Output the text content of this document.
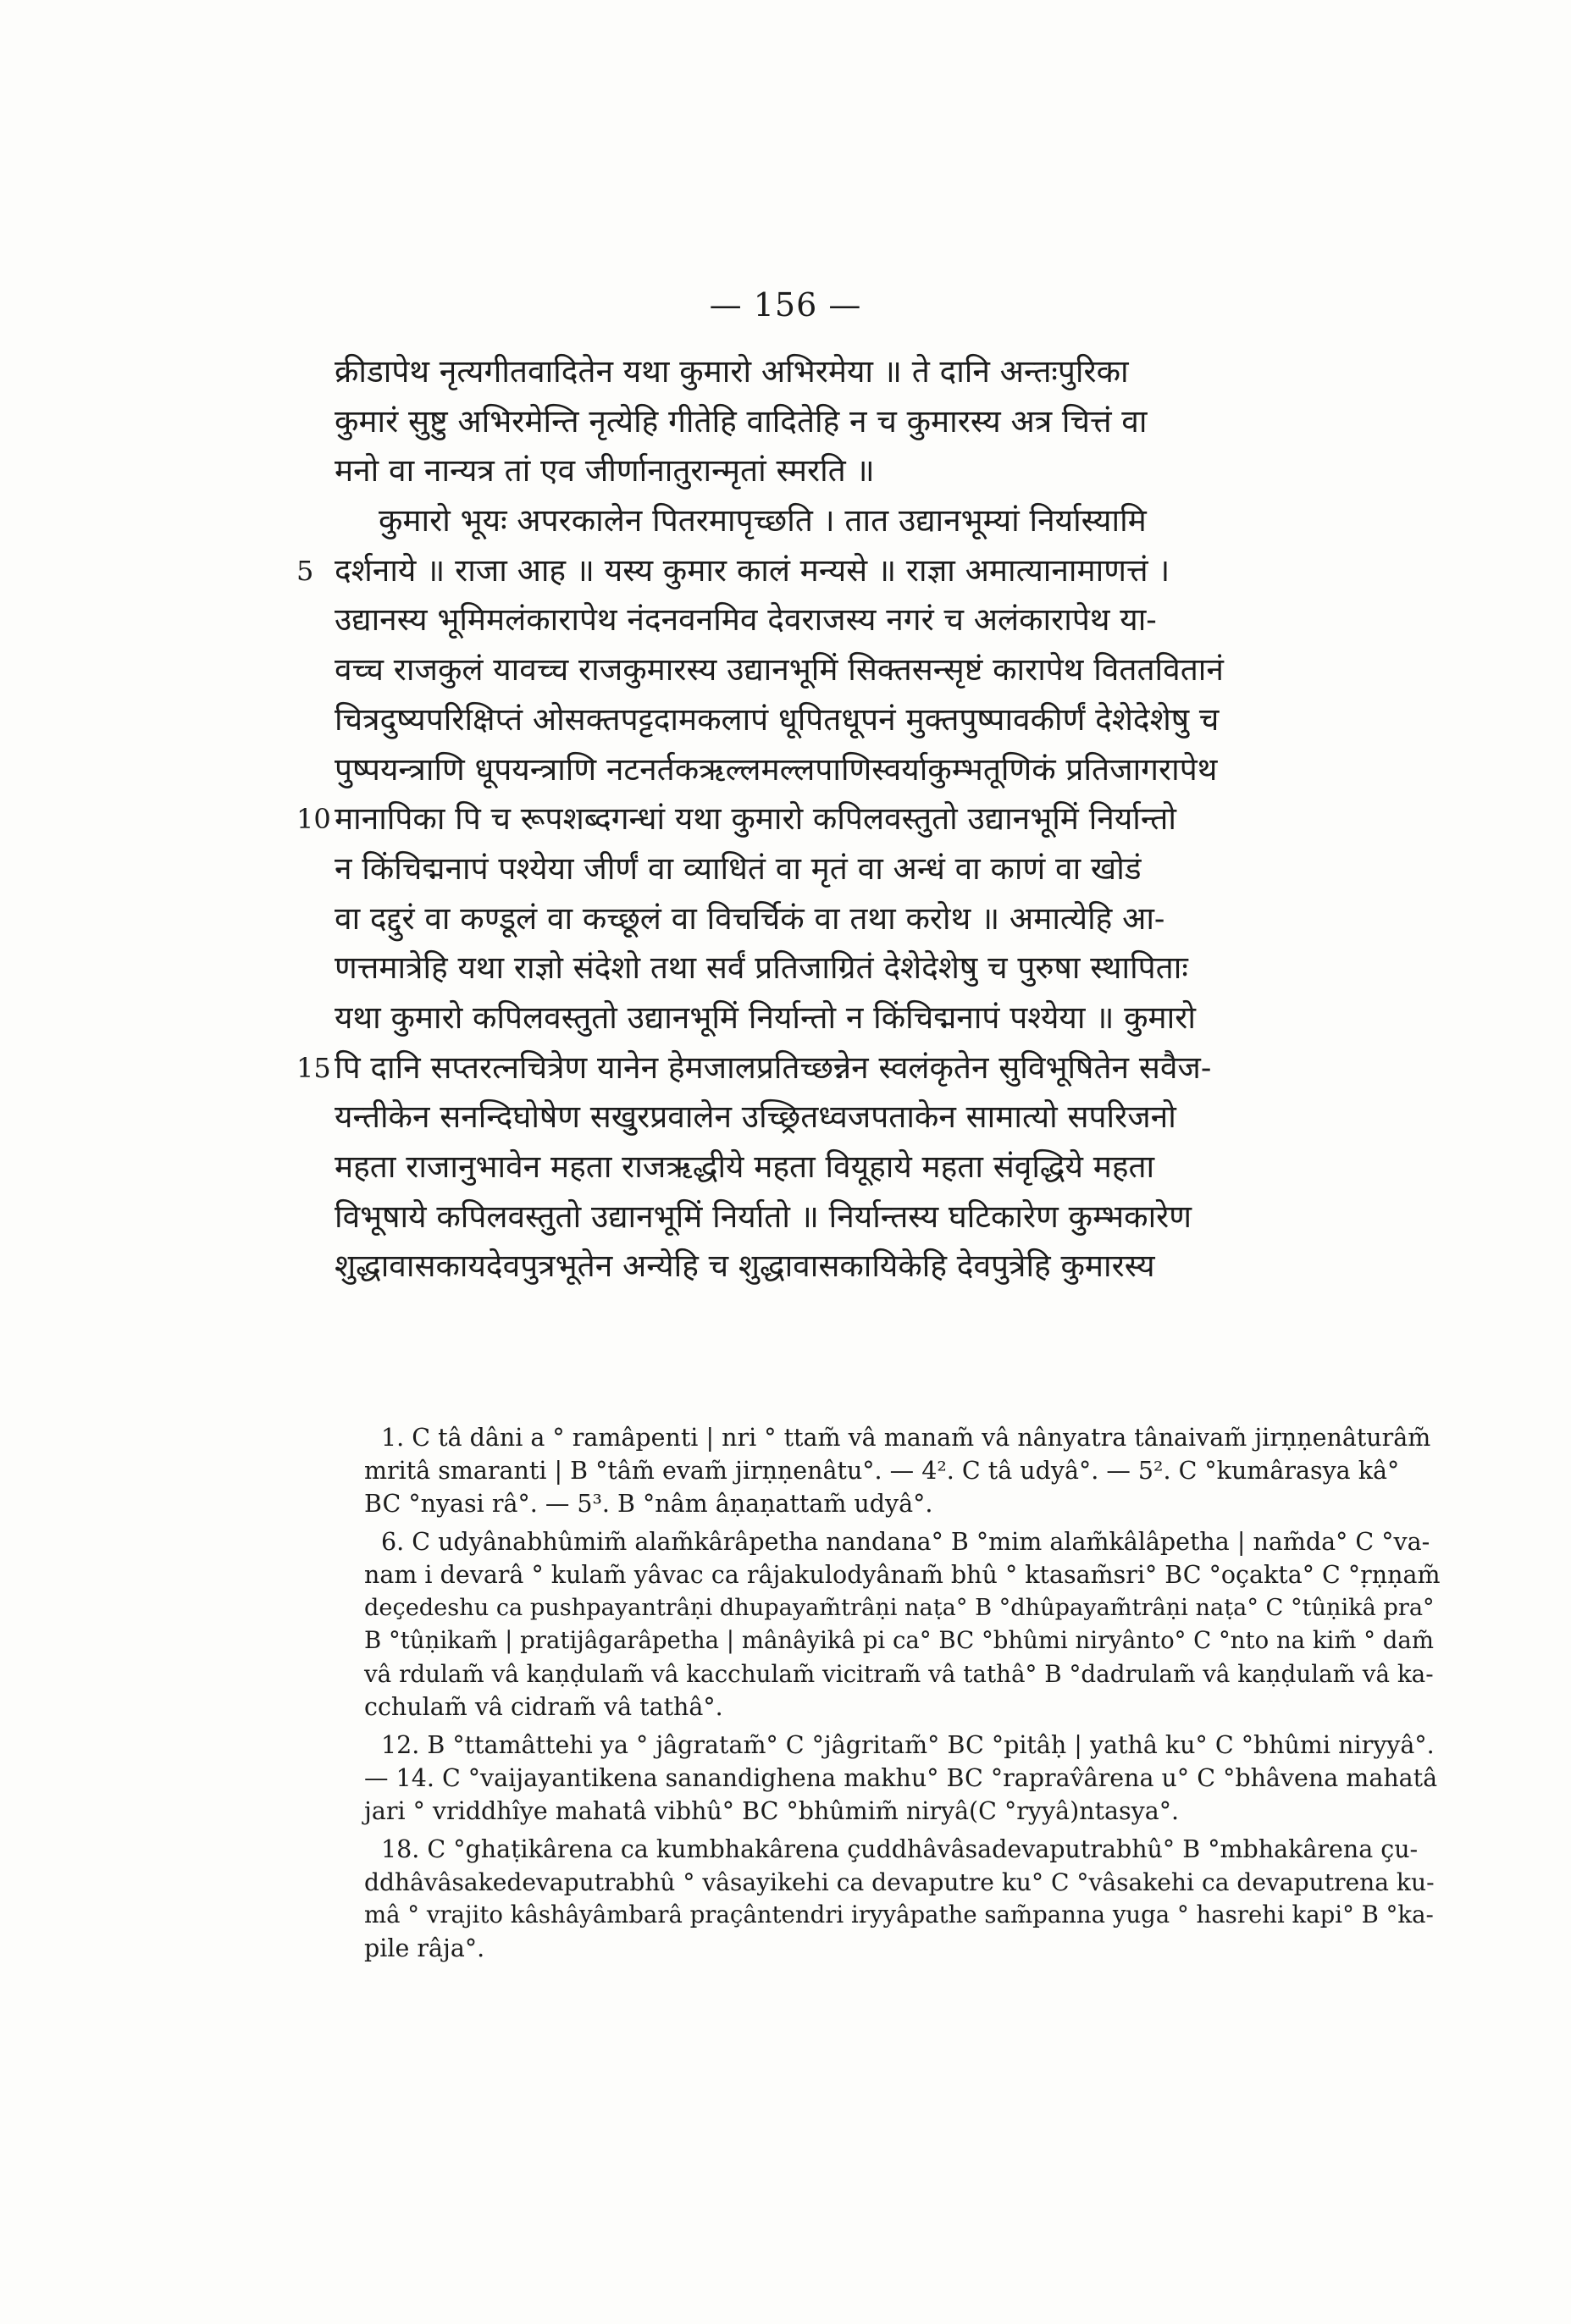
— 156 —
क्रीडापेथ नृत्यगीतवादितेन यथा कुमारो अभिरमेया ॥ ते दानि अन्तःपुरिका
कुमारं सुष्टु अभिरमेन्ति नृत्येहि गीतेहि वादितेहि न च कुमारस्य अत्र चित्तं वा
मनो वा नान्यत्र तां एव जीर्णानातुरान्मृतां स्मरति ॥
कुमारो भूयः अपरकालेन पितरमापृच्छति । तात उद्यानभूम्यां निर्यास्यामि
5 दर्शनाये ॥ राजा आह ॥ यस्य कुमार कालं मन्यसे ॥ राज्ञा अमात्यानामाणत्तं ।
उद्यानस्य भूमिमलंकारापेथ नंदनवनमिव देवराजस्य नगरं च अलंकारापेथ या-
वच्च राजकुलं यावच्च राजकुमारस्य उद्यानभूमिं सिक्तसन्सृष्टं कारापेथ विततवितानं
चित्रदुष्यपरिक्षिप्तं ओसक्तपट्टदामकलापं धूपितधूपनं मुक्तपुष्पावकीर्णं देशेदेशेषु च
पुष्पयन्त्राणि धूपयन्त्राणि नटनर्तकऋल्लमल्लपाणिस्वर्याकुम्भतूणिकं प्रतिजागरापेथ
10 मानापिका पि च रूपशब्दगन्धां यथा कुमारो कपिलवस्तुतो उद्यानभूमिं निर्यान्तो
न किंचिद्मनापं पश्येया जीर्णं वा व्याधितं वा मृतं वा अन्धं वा काणं वा खोडं
वा दद्दुरं वा कण्डूलं वा कच्छूलं वा विचर्चिकं वा तथा करोथ ॥ अमात्येहि आ-
णत्तमात्रेहि यथा राज्ञो संदेशो तथा सर्वं प्रतिजाग्रितं देशेदेशेषु च पुरुषा स्थापिताः
यथा कुमारो कपिलवस्तुतो उद्यानभूमिं निर्यान्तो न किंचिद्मनापं पश्येया ॥ कुमारो
15 पि दानि सप्तरत्नचित्रेण यानेन हेमजालप्रतिच्छन्नेन स्वलंकृतेन सुविभूषितेन सवैज-
यन्तीकेन सनन्दिघोषेण सखुरप्रवालेन उच्छ्रितध्वजपताकेन सामात्यो सपरिजनो
महता राजानुभावेन महता राजऋद्धीये महता वियूहाये महता संवृद्धिये महता
विभूषाये कपिलवस्तुतो उद्यानभूमिं निर्यातो ॥ निर्यान्तस्य घटिकारेण कुम्भकारेण
शुद्धावासकायदेवपुत्रभूतेन अन्येहि च शुद्धावासकायिकेहि देवपुत्रेहि कुमारस्य
1. C tâ dâni a ° ramâpenti | nri ° ttam̃ vâ manam̃ vâ nânyatra tânaivam̃ jirṇṇenâturâm̃
mritâ smaranti | B °tâm̃ evam̃ jirṇṇenâtu°. — 4². C tâ udyâ°. — 5². C °kumârasya kâ°
BC °nyasi râ°. — 5³. B °nâm âṇaṇattam̃ udyâ°.
6. C udyânabhûmim̃ alam̃kârâpetha nandana° B °mim alam̃kâlâpetha | nam̃da° C °va-
nam i devarâ ° kulam̃ yâvac ca râjakulodyânam̃ bhû ° ktasam̃sri° BC °oçakta° C °ṛṇṇam̃
deçedeshu ca pushpayantrâṇi dhupayam̃trâṇi naṭa° B °dhûpayam̃trâṇi naṭa° C °tûṇikâ pra°
B °tûṇikam̃ | pratijâgarâpetha | mânâyikâ pi ca° BC °bhûmi niryânto° C °nto na kim̃ ° dam̃
vâ rdulam̃ vâ kaṇḍulam̃ vâ kacchulam̃ vicitram̃ vâ tathâ° B °dadrulam̃ vâ kaṇḍulam̃ vâ ka-
cchulam̃ vâ cidram̃ vâ tathâ°.
12. B °ttamâttehi ya ° jâgratam̃° C °jâgritam̃° BC °pitâḥ | yathâ ku° C °bhûmi niryyâ°.
— 14. C °vaijayantikena sanandighena makhu° BC °raprav̂ârena u° C °bhâvena mahatâ
jari ° vriddhîye mahatâ vibhû° BC °bhûmim̃ niryâ(C °ryyâ)ntasya°.
18. C °ghaṭikârena ca kumbhakârena çuddhâvâsadevaputrabhû° B °mbhakârena çu-
ddhâvâsakedevaputrabhû ° vâsayikehi ca devaputre ku° C °vâsakehi ca devaputrena ku-
mâ ° vrajito kâshâyâmbarâ praçântendri iryyâpathe sam̃panna yuga ° hasrehi kapi° B °ka-
pile râja°.
